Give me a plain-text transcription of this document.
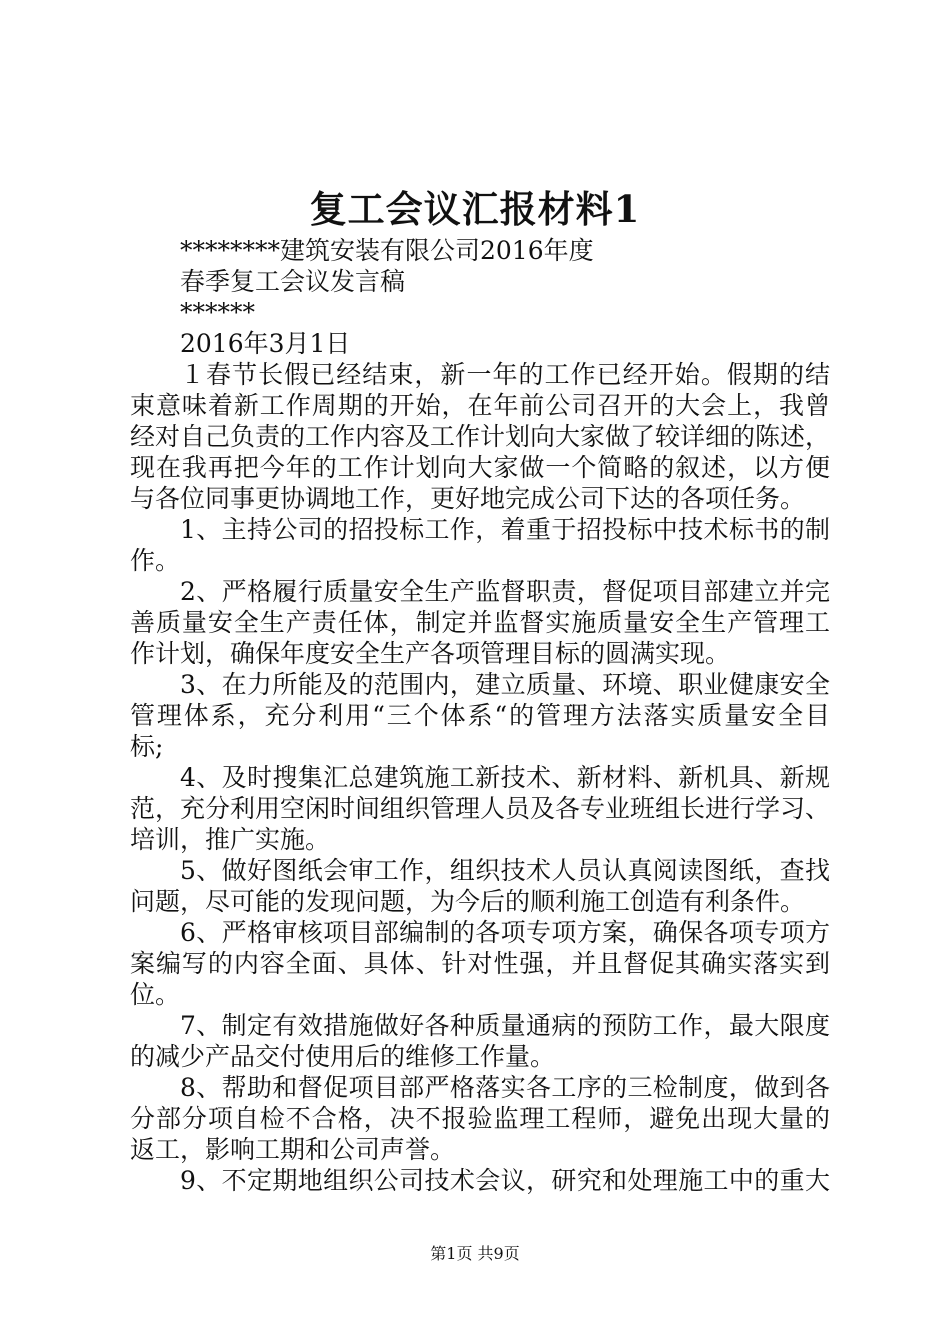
复工会议汇报材料1
********建筑安装有限公司2016年度
春季复工会议发言稿
******
2016年3月1日
１春节长假已经结束，新一年的工作已经开始。假期的结
束意味着新工作周期的开始，在年前公司召开的大会上，我曾
经对自己负责的工作内容及工作计划向大家做了较详细的陈述，
现在我再把今年的工作计划向大家做一个简略的叙述，以方便
与各位同事更协调地工作，更好地完成公司下达的各项任务。
1、主持公司的招投标工作，着重于招投标中技术标书的制
作。
2、严格履行质量安全生产监督职责，督促项目部建立并完
善质量安全生产责任体，制定并监督实施质量安全生产管理工
作计划，确保年度安全生产各项管理目标的圆满实现。
3、在力所能及的范围内，建立质量、环境、职业健康安全
管理体系，充分利用“三个体系“的管理方法落实质量安全目
标;
4、及时搜集汇总建筑施工新技术、新材料、新机具、新规
范，充分利用空闲时间组织管理人员及各专业班组长进行学习、
培训，推广实施。
5、做好图纸会审工作，组织技术人员认真阅读图纸，查找
问题，尽可能的发现问题，为今后的顺利施工创造有利条件。
6、严格审核项目部编制的各项专项方案，确保各项专项方
案编写的内容全面、具体、针对性强，并且督促其确实落实到
位。
7、制定有效措施做好各种质量通病的预防工作，最大限度
的减少产品交付使用后的维修工作量。
8、帮助和督促项目部严格落实各工序的三检制度，做到各
分部分项自检不合格，决不报验监理工程师，避免出现大量的
返工，影响工期和公司声誉。
9、不定期地组织公司技术会议，研究和处理施工中的重大
第1页 共9页
